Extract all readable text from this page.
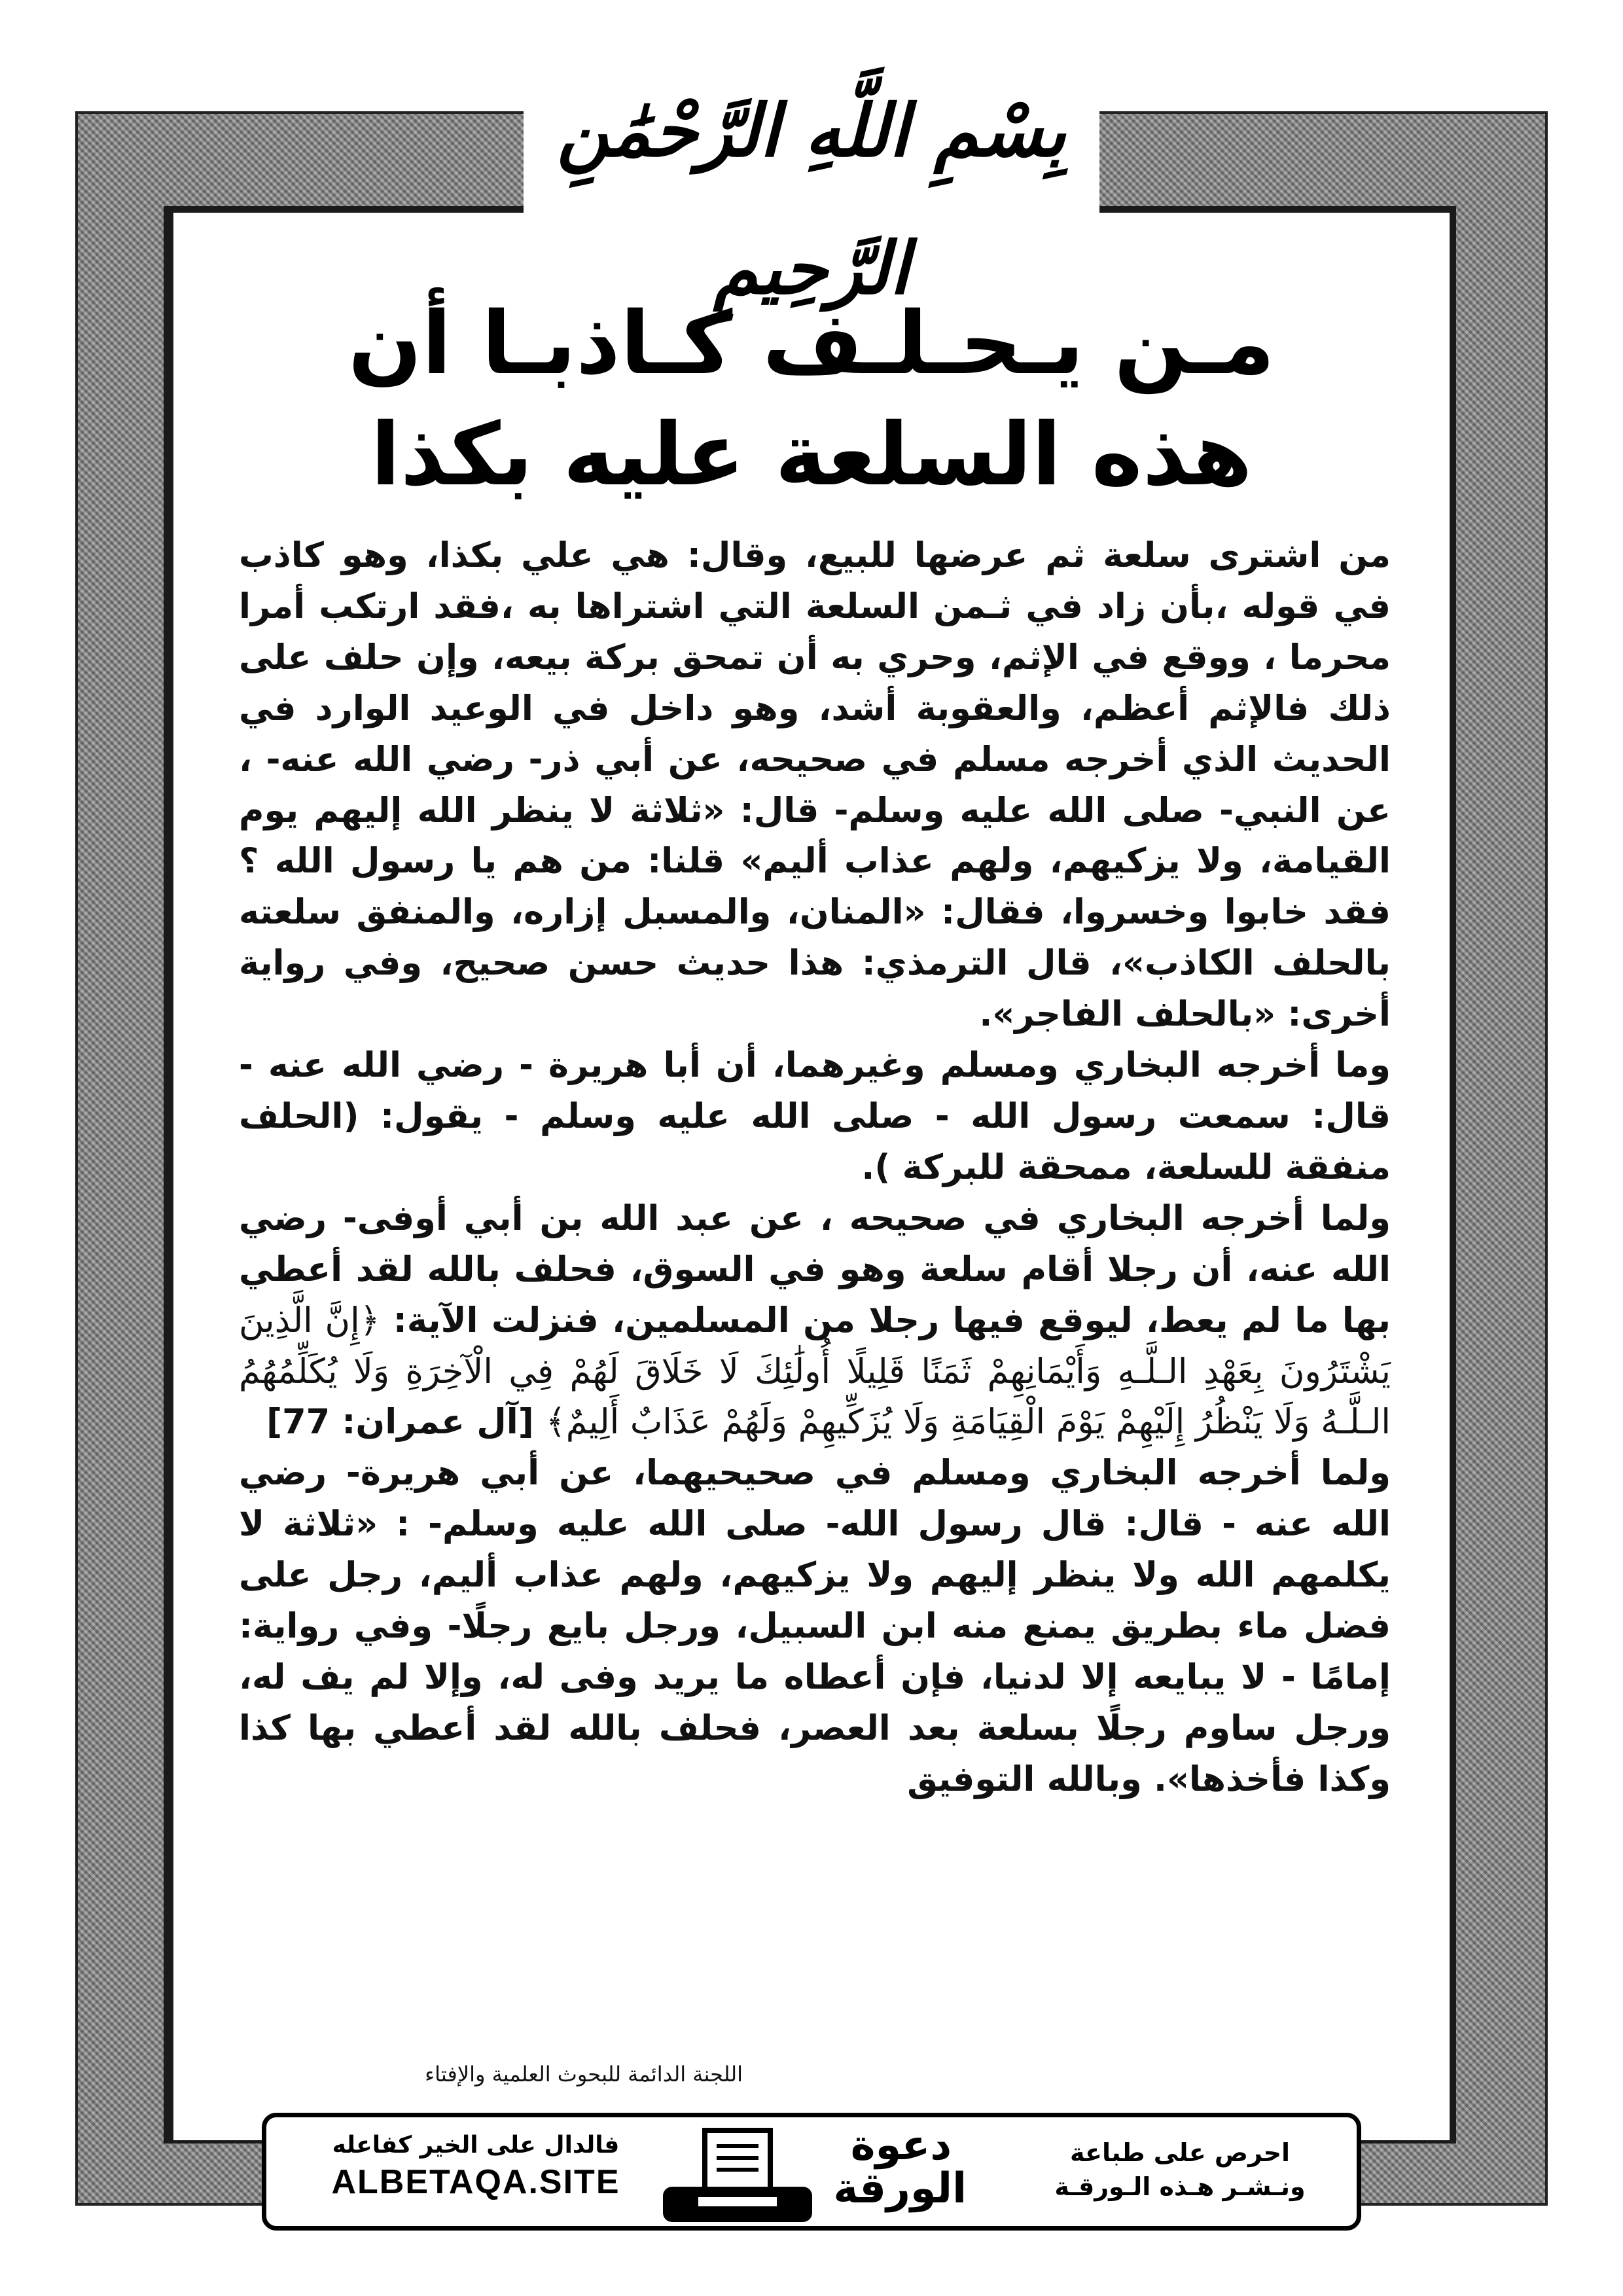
بِسْمِ اللَّهِ الرَّحْمَٰنِ الرَّحِيمِ
مـن يـحـلـف كـاذبـا أن
هذه السلعة عليه بكذا

من اشترى سلعة ثم عرضها للبيع، وقال: هي علي بكذا، وهو كاذب في قوله ،بأن زاد في ثـمن السلعة التي اشتراها به ،فقد ارتكب أمرا محرما ، ووقع في الإثم، وحري به أن تمحق بركة بيعه، وإن حلف على ذلك فالإثم أعظم، والعقوبة أشد، وهو داخل في الوعيد الوارد في الحديث الذي أخرجه مسلم في صحيحه، عن أبي ذر- رضي الله عنه- ، عن النبي- صلى الله عليه وسلم- قال: «ثلاثة لا ينظر الله إليهم يوم القيامة، ولا يزكيهم، ولهم عذاب أليم» قلنا: من هم يا رسول الله ؟ فقد خابوا وخسروا، فقال: «المنان، والمسبل إزاره، والمنفق سلعته بالحلف الكاذب»، قال الترمذي: هذا حديث حسن صحيح، وفي رواية أخرى: «بالحلف الفاجر».

وما أخرجه البخاري ومسلم وغيرهما، أن أبا هريرة - رضي الله عنه - قال: سمعت رسول الله - صلى الله عليه وسلم - يقول: (الحلف منفقة للسلعة، ممحقة للبركة ).

ولما أخرجه البخاري في صحيحه ، عن عبد الله بن أبي أوفى- رضي الله عنه، أن رجلا أقام سلعة وهو في السوق، فحلف بالله لقد أعطي بها ما لم يعط، ليوقع فيها رجلا من المسلمين، فنزلت الآية: ﴿إِنَّ الَّذِينَ يَشْتَرُونَ بِعَهْدِ الـلَّـهِ وَأَيْمَانِهِمْ ثَمَنًا قَلِيلًا أُولَٰئِكَ لَا خَلَاقَ لَهُمْ فِي الْآخِرَةِ وَلَا يُكَلِّمُهُمُ الـلَّـهُ وَلَا يَنْظُرُ إِلَيْهِمْ يَوْمَ الْقِيَامَةِ وَلَا يُزَكِّيهِمْ وَلَهُمْ عَذَابٌ أَلِيمٌ﴾ [آل عمران: 77]

ولما أخرجه البخاري ومسلم في صحيحيهما، عن أبي هريرة- رضي الله عنه - قال: قال رسول الله- صلى الله عليه وسلم- : «ثلاثة لا يكلمهم الله ولا ينظر إليهم ولا يزكيهم، ولهم عذاب أليم، رجل على فضل ماء بطريق يمنع منه ابن السبيل، ورجل بايع رجلًا- وفي رواية: إمامًا - لا يبايعه إلا لدنيا، فإن أعطاه ما يريد وفى له، وإلا لم يف له، ورجل ساوم رجلًا بسلعة بعد العصر، فحلف بالله لقد أعطي بها كذا وكذا فأخذها». وبالله التوفيق

اللجنة الدائمة للبحوث العلمية والإفتاء
فالدال على الخير كفاعله
ALBETAQA.SITE
دعوة
الورقة
احرص على طباعة
ونـشـر هـذه الـورقـة
